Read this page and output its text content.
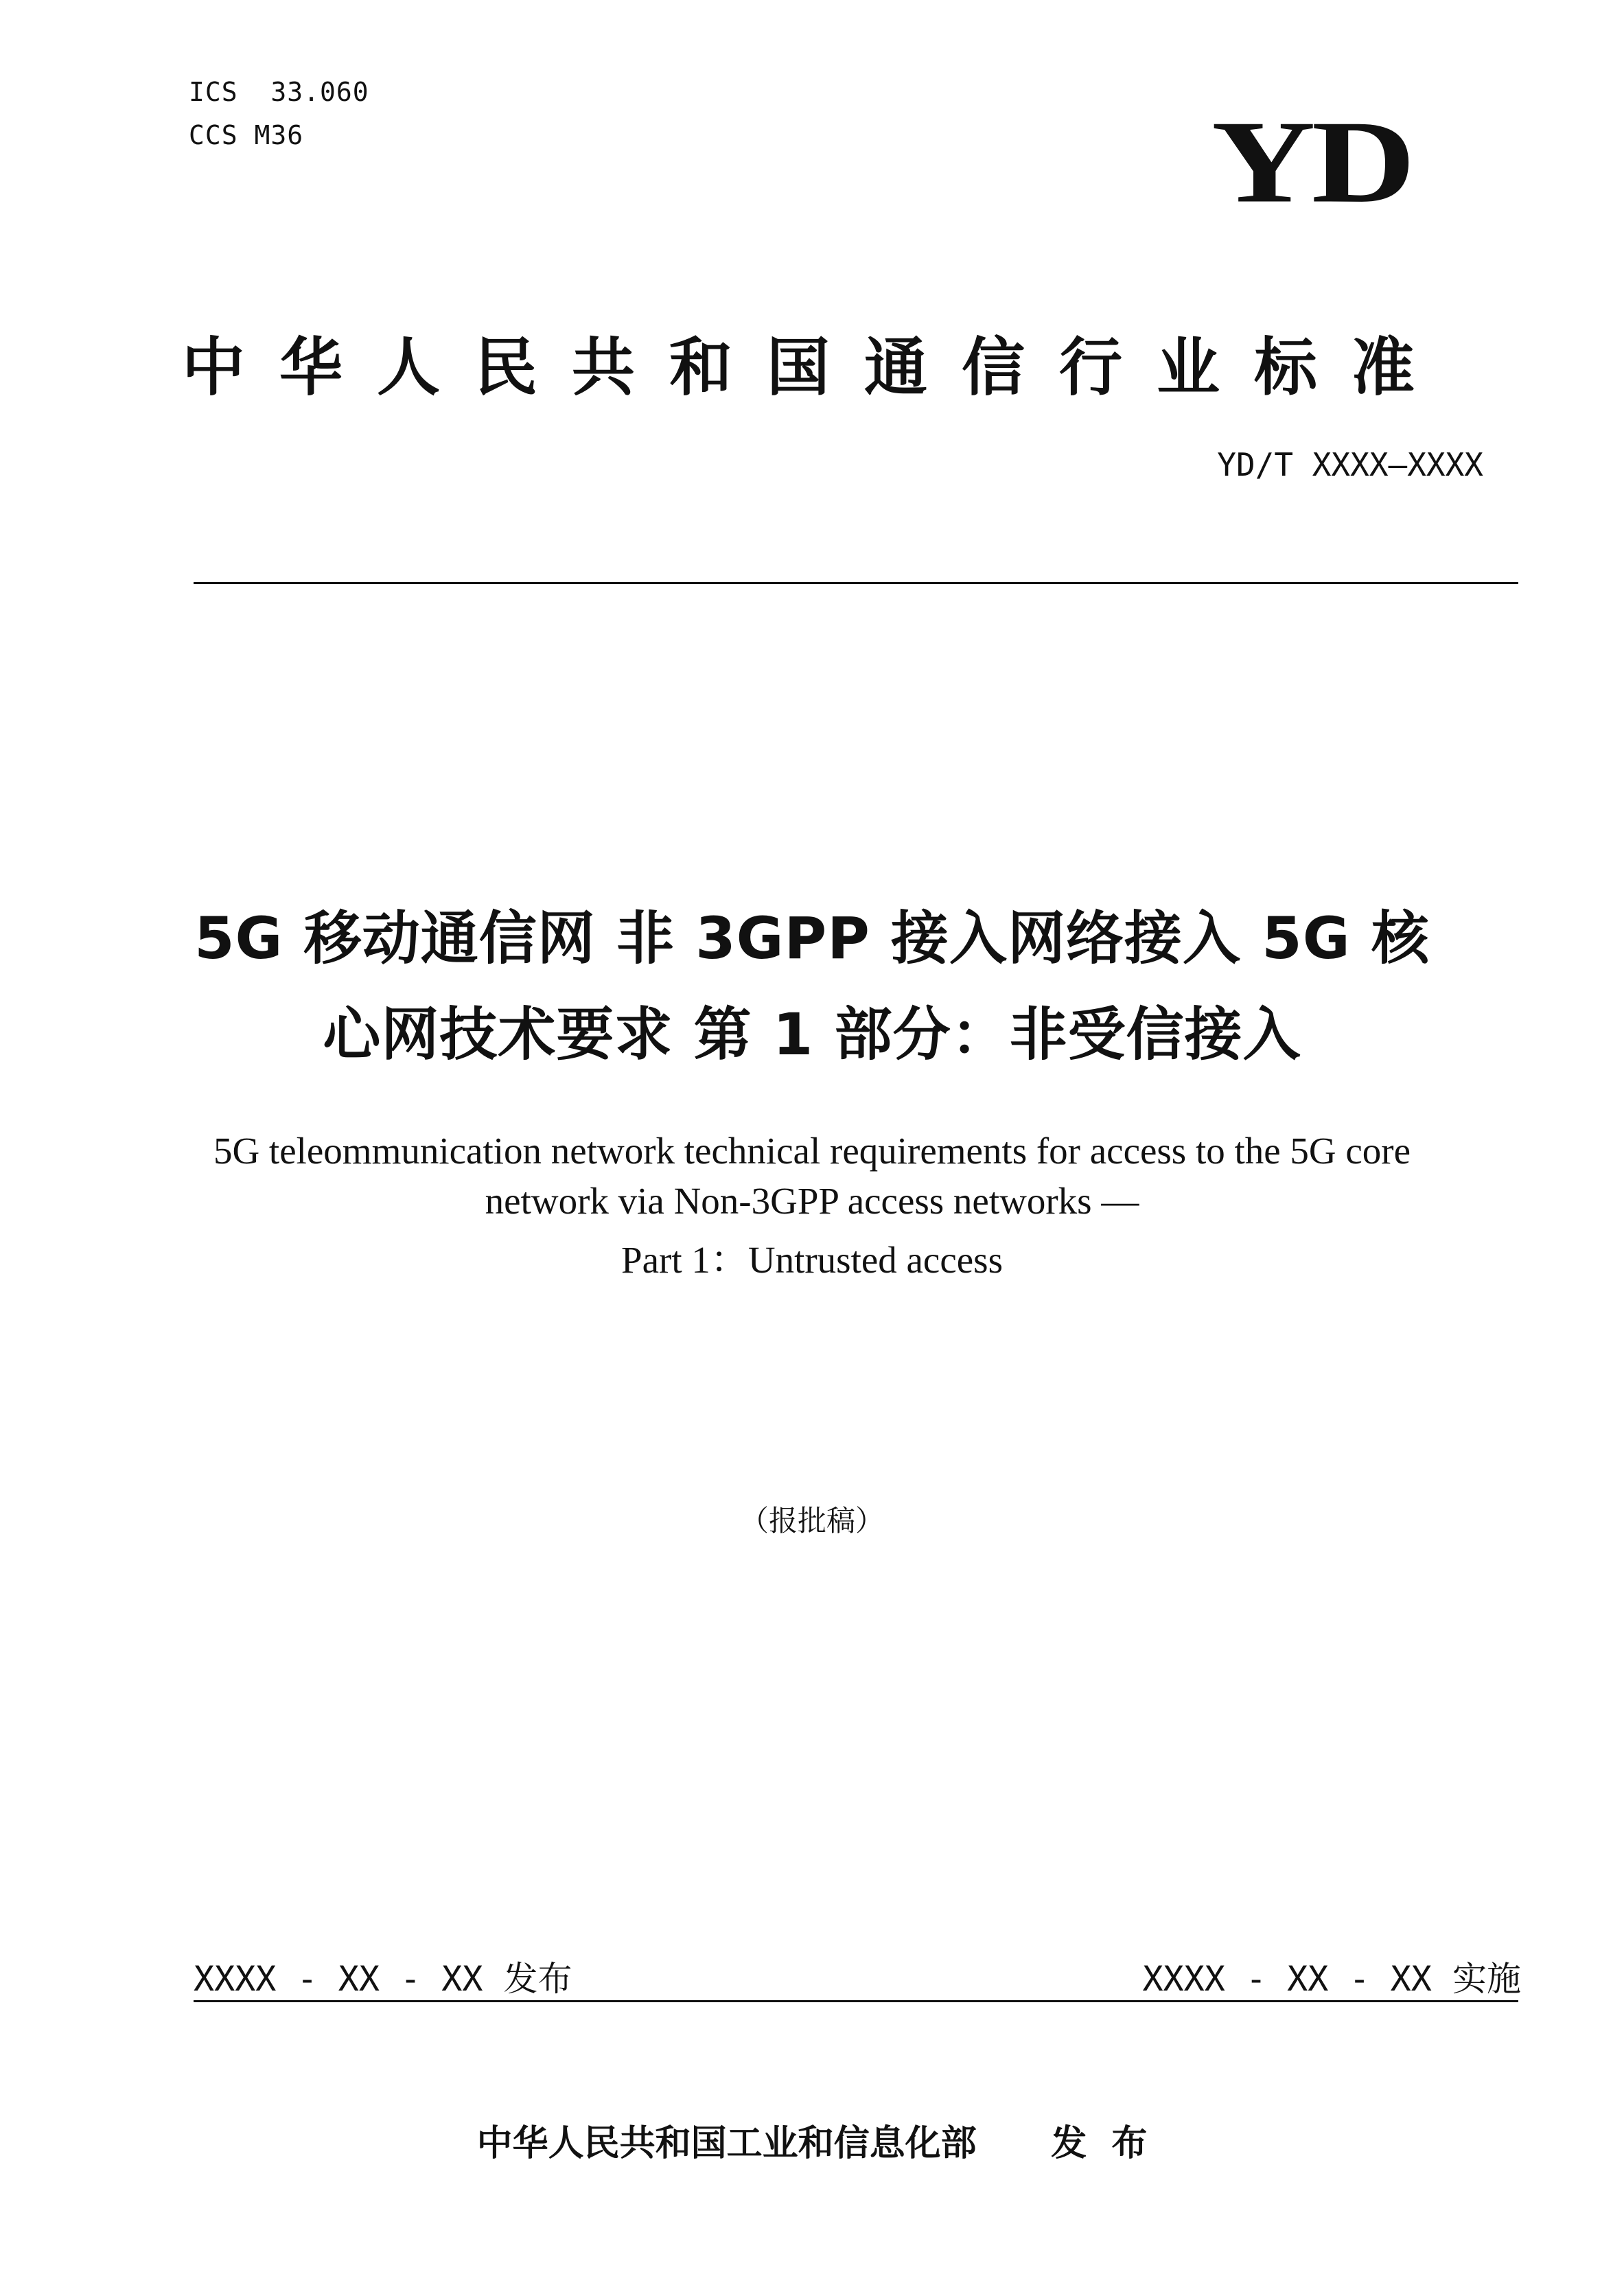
ICS  33.060
CCS M36	YD
中华人民共和国通信行业标准
YD/T XXXX—XXXX
5G 移动通信网 非 3GPP 接入网络接入 5G 核
心网技术要求 第 1 部分：非受信接入
5G teleommunication network technical requirements for access to the 5G core
network via Non-3GPP access networks —
Part 1：Untrusted access
（报批稿）
XXXX - XX - XX 发布	XXXX - XX - XX 实施
中华人民共和国工业和信息化部      发  布
